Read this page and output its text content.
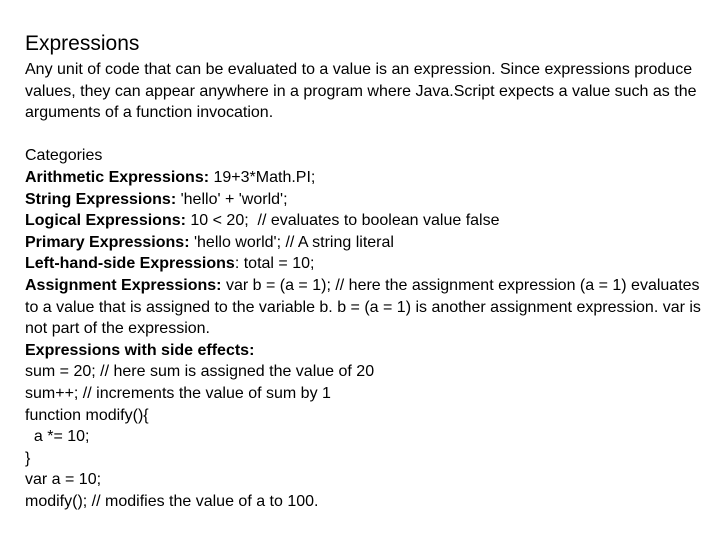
Expressions

Any unit of code that can be evaluated to a value is an expression. Since expressions produce values, they can appear anywhere in a program where Java.Script expects a value such as the arguments of a function invocation.

Categories

Arithmetic Expressions: 19+3*Math.PI;

String Expressions: 'hello' + 'world';

Logical Expressions: 10 < 20;  // evaluates to boolean value false

Primary Expressions: 'hello world'; // A string literal

Left-hand-side Expressions: total = 10;

Assignment Expressions: var b = (a = 1); // here the assignment expression (a = 1) evaluates to a value that is assigned to the variable b. b = (a = 1) is another assignment expression. var is not part of the expression.

Expressions with side effects:

sum = 20; // here sum is assigned the value of 20

sum++; // increments the value of sum by 1

function modify(){

a *= 10;

}

var a = 10;

modify(); // modifies the value of a to 100.
